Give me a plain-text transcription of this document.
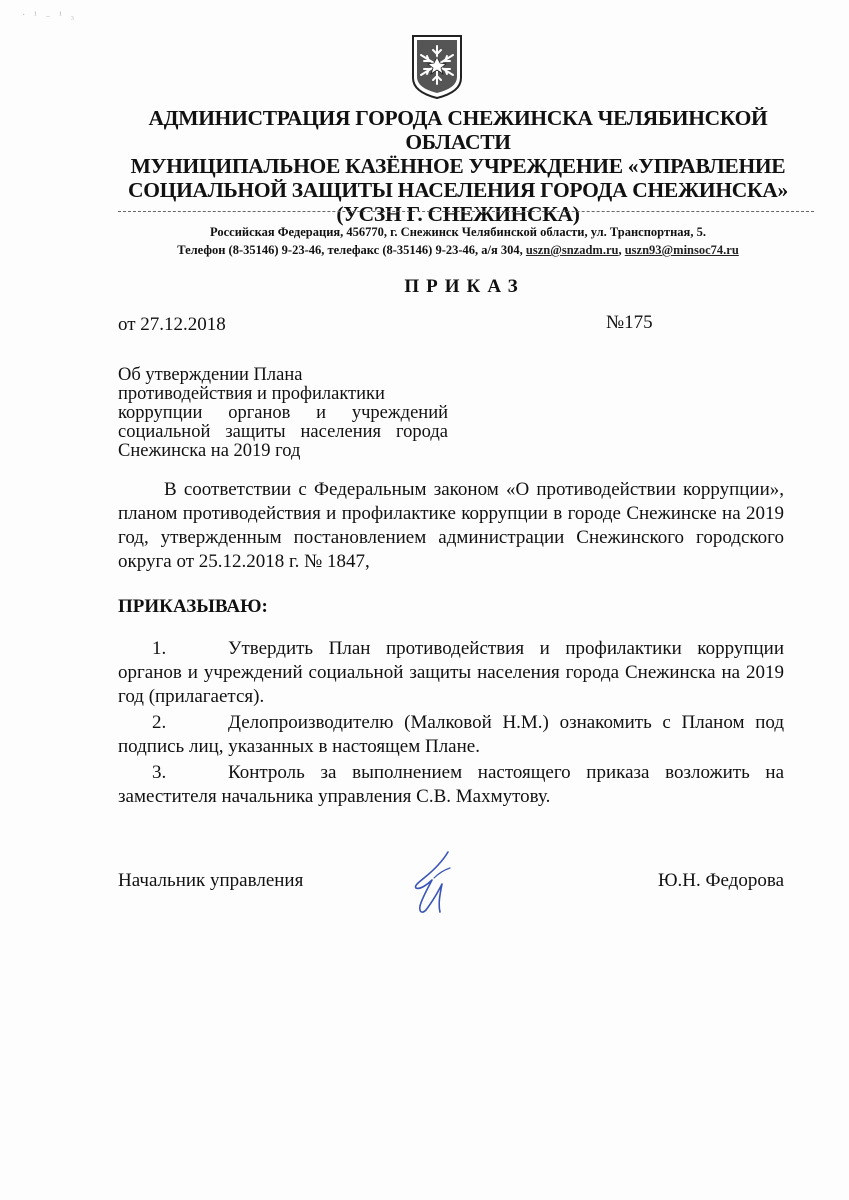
· ¹ ₋ ¹ ₃
АДМИНИСТРАЦИЯ ГОРОДА СНЕЖИНСКА ЧЕЛЯБИНСКОЙ ОБЛАСТИ
МУНИЦИПАЛЬНОЕ КАЗЁННОЕ УЧРЕЖДЕНИЕ «УПРАВЛЕНИЕ
СОЦИАЛЬНОЙ ЗАЩИТЫ НАСЕЛЕНИЯ ГОРОДА СНЕЖИНСКА»
(УСЗН Г. СНЕЖИНСКА)
Российская Федерация, 456770, г. Снежинск Челябинской области, ул. Транспортная, 5.
Телефон (8-35146) 9-23-46, телефакс (8-35146) 9-23-46, а/я 304, uszn@snzadm.ru, uszn93@minsoc74.ru
ПРИКАЗ
от 27.12.2018	№175
Об утверждении Плана
противодействия и профилактики
коррупции органов и учреждений
социальной защиты населения города
Снежинска на 2019 год
В соответствии с Федеральным законом «О противодействии коррупции», планом противодействия и профилактике коррупции в городе Снежинске на 2019 год, утвержденным постановлением администрации Снежинского городского округа от 25.12.2018 г. № 1847,
ПРИКАЗЫВАЮ:

1.	Утвердить План противодействия и профилактики коррупции органов и учреждений социальной защиты населения города Снежинска на 2019 год (прилагается).

2.	Делопроизводителю (Малковой Н.М.) ознакомить с Планом под подпись лиц, указанных в настоящем Плане.

3.	Контроль за выполнением настоящего приказа возложить на заместителя начальника управления С.В. Махмутову.

Начальник управления	Ю.Н. Федорова
